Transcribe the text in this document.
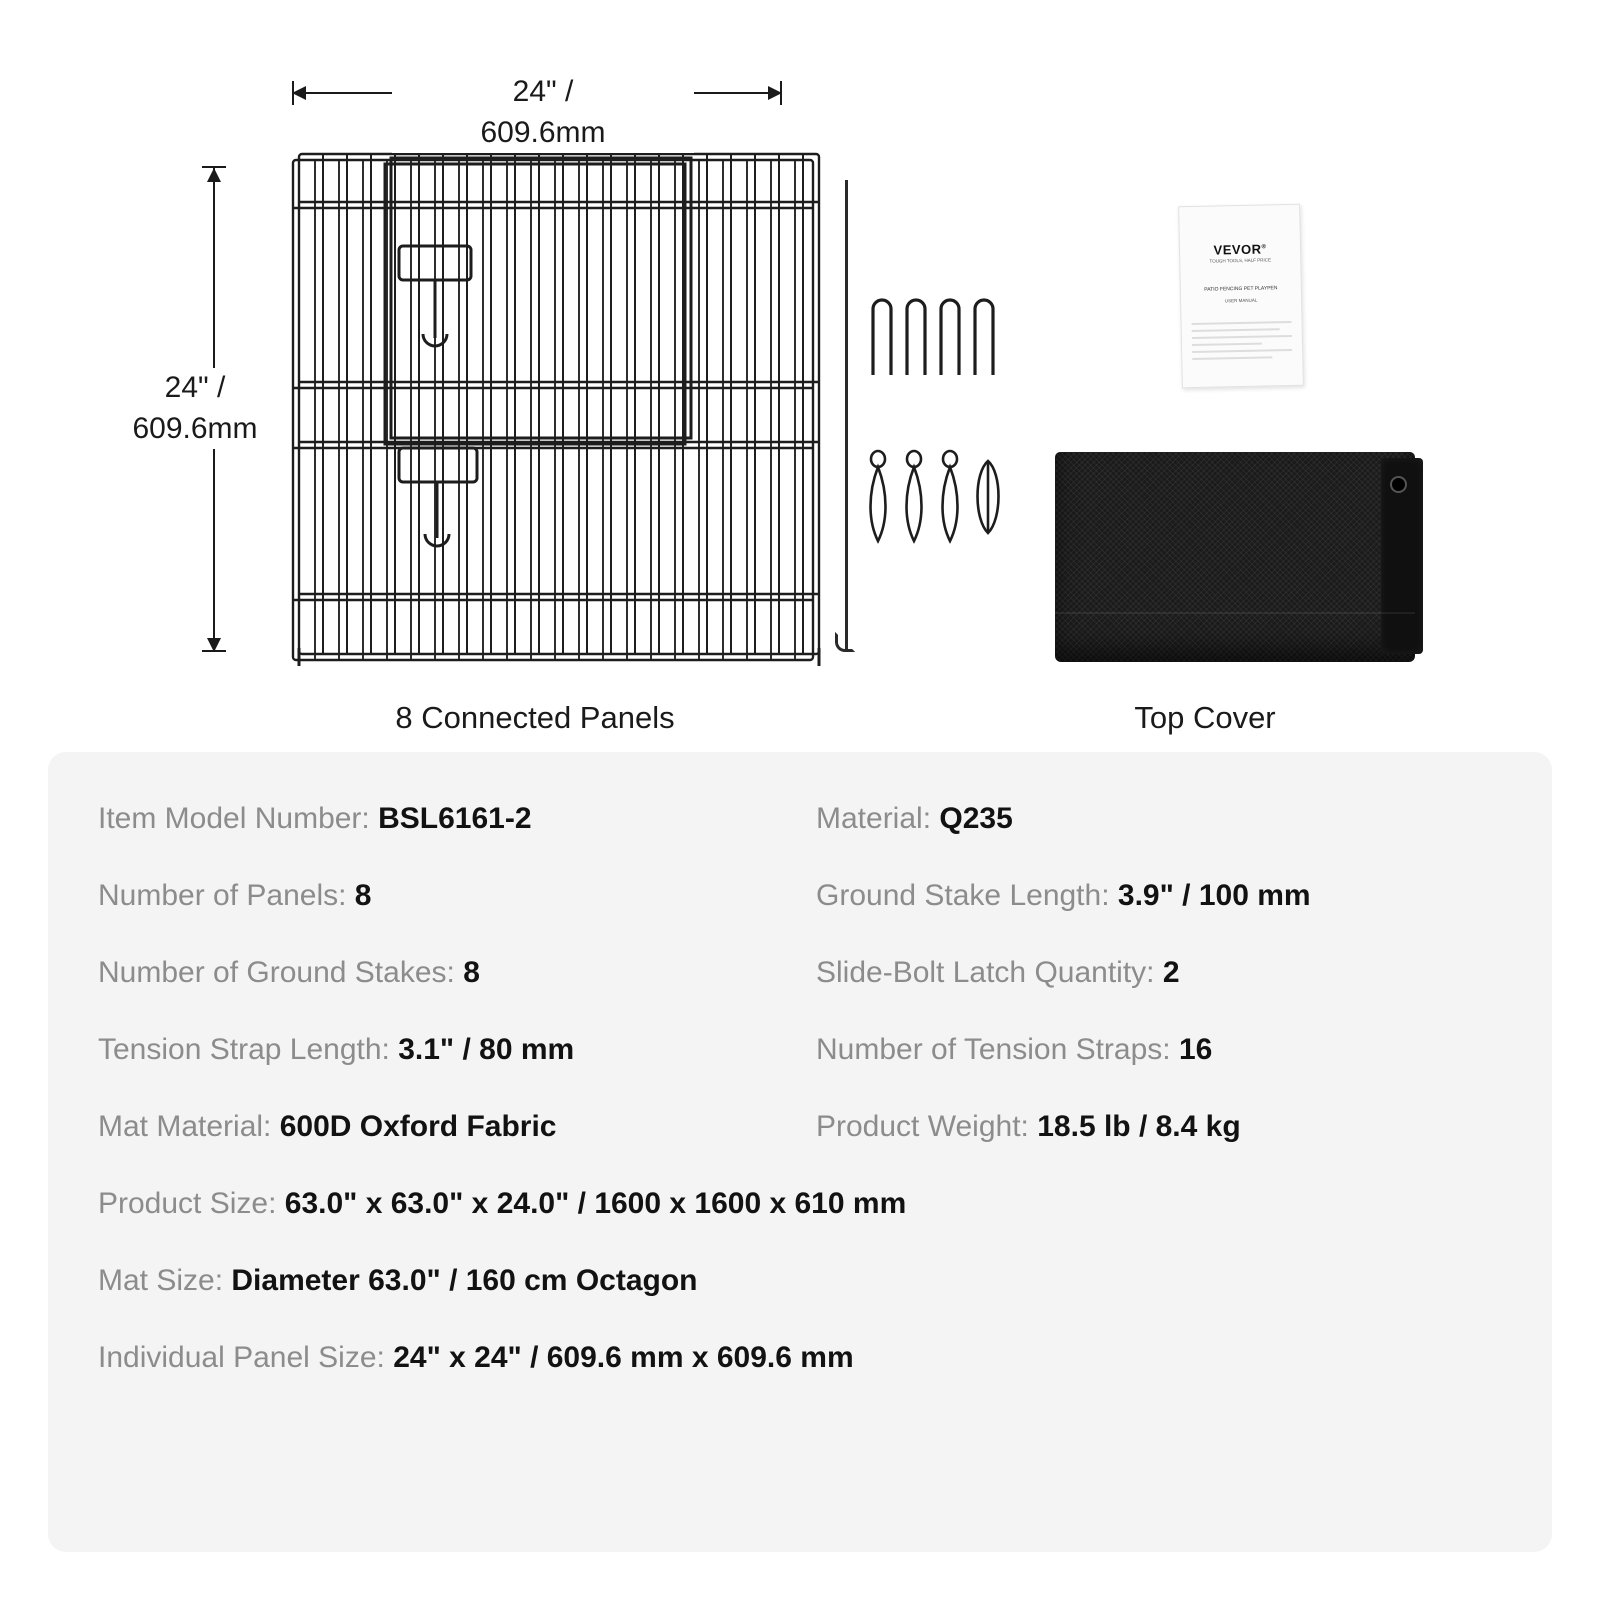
24" /
609.6mm
24" /
609.6mm
VEVOR®
TOUGH TOOLS, HALF PRICE
PATIO FENCING PET PLAYPEN
USER MANUAL
8 Connected Panels	Top Cover
Item Model Number: BSL6161-2	Material: Q235
Number of Panels: 8	Ground Stake Length: 3.9" / 100 mm
Number of Ground Stakes: 8	Slide-Bolt Latch Quantity: 2
Tension Strap Length: 3.1" / 80 mm	Number of Tension Straps: 16
Mat Material: 600D Oxford Fabric	Product Weight: 18.5 lb / 8.4 kg
Product Size: 63.0" x 63.0" x 24.0" / 1600 x 1600 x 610 mm
Mat Size: Diameter 63.0" / 160 cm Octagon
Individual Panel Size: 24" x 24" / 609.6 mm x 609.6 mm
